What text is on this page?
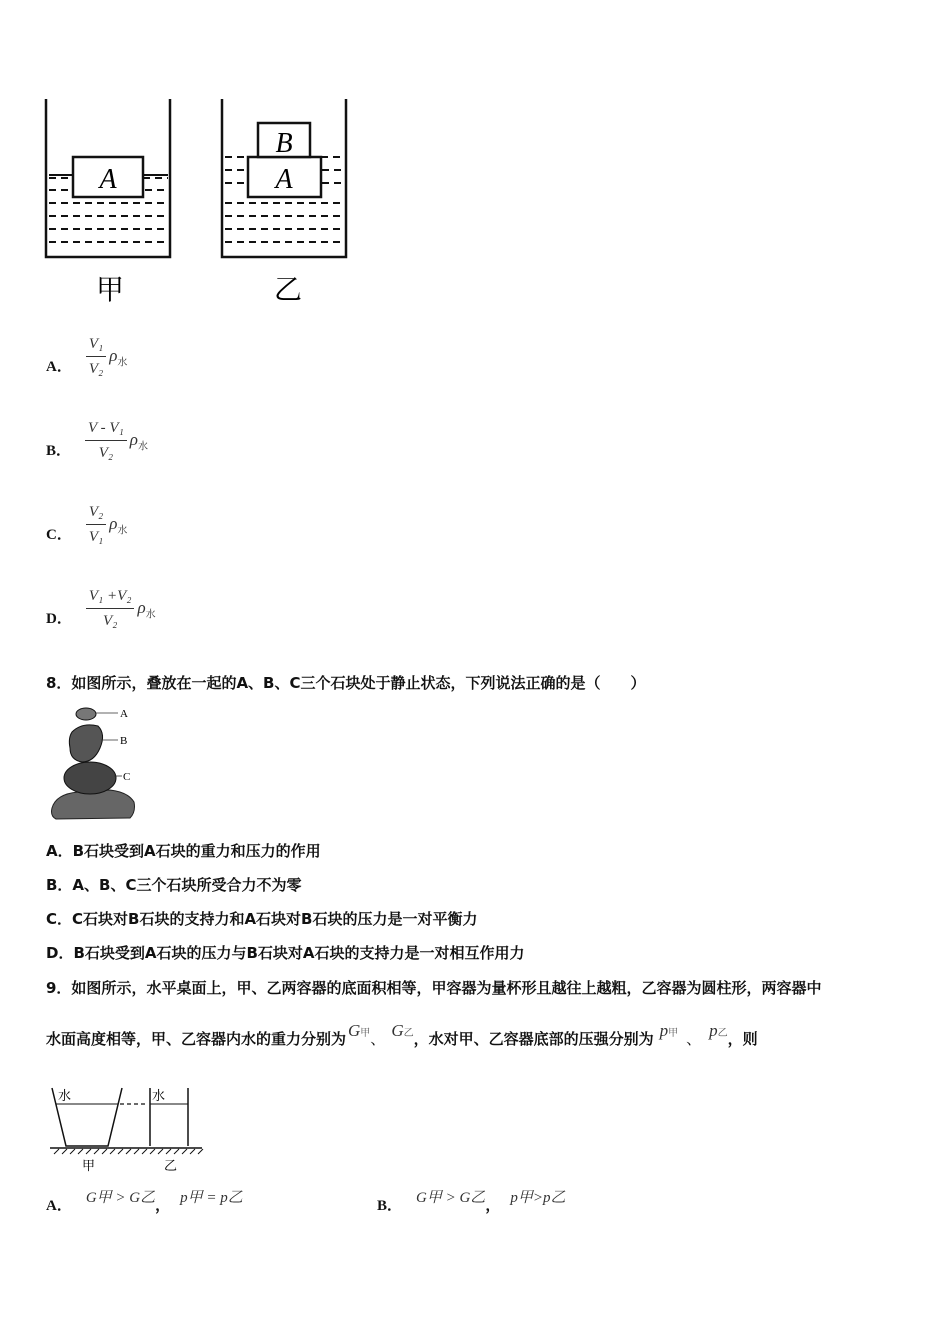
A	A
B
甲	乙
A． $\frac{\text{V₁}}{\text{V₂}} \rho_水$
B． $\frac{\text{V - V₁}}{\text{V₂}} \rho_水$
C． $\frac{\text{V₂}}{\text{V₁}} \rho_水$
D． $\frac{\text{V₁ +V₂}}{\text{V₂}} \rho_水$
8．如图所示，叠放在一起的A、B、C三个石块处于静止状态，下列说法正确的是（　　）
A
B
C
A．B石块受到A石块的重力和压力的作用
B．A、B、C三个石块所受合力不为零
C．C石块对B石块的支持力和A石块对B石块的压力是一对平衡力
D．B石块受到A石块的压力与B石块对A石块的支持力是一对相互作用力
9．如图所示，水平桌面上，甲、乙两容器的底面积相等，甲容器为量杯形且越往上越粗，乙容器为圆柱形，两容器中
水面高度相等，甲、乙容器内水的重力分别为 G甲 、 G乙 ，水对甲、乙容器底部的压强分别为 p甲 、 p乙 ，则
水	水
甲	乙
A． G甲 > G乙 ， p甲 = p乙	B． G甲 > G乙 ， p甲>p乙
